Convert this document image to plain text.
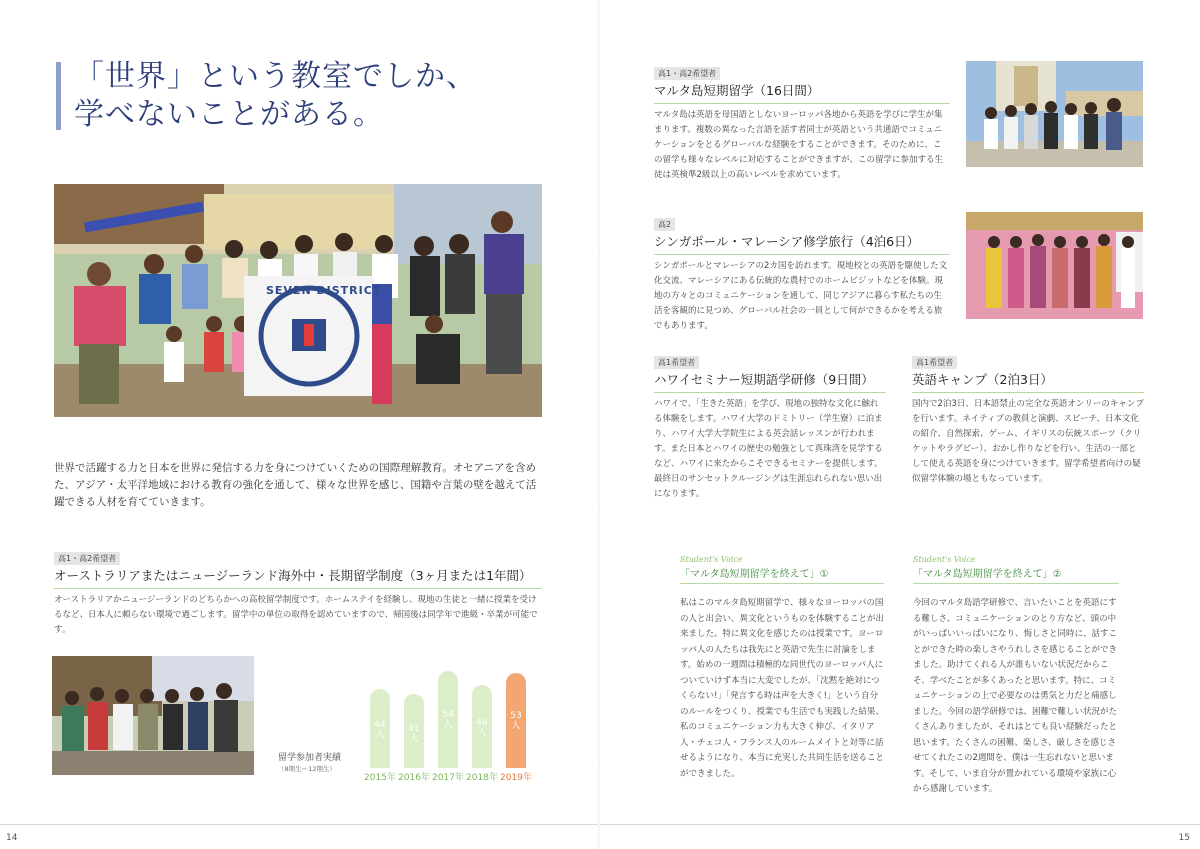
「世界」という教室でしか、
学べないことがある。
SEVEN DISTRICT
世界で活躍する力と日本を世界に発信する力を身につけていくための国際理解教育。オセアニアを含めた、アジア・太平洋地域における教育の強化を通して、様々な世界を感じ、国籍や言葉の壁を越えて活躍できる人材を育てていきます。
高1・高2希望者
オーストラリアまたはニュージーランド海外中・長期留学制度（3ヶ月または1年間）
オーストラリアかニュージーランドのどちらかへの高校留学制度です。ホームステイを経験し、現地の生徒と一緒に授業を受けるなど、日本人に頼らない環境で過ごします。留学中の単位の取得を認めていますので、帰国後は同学年で進級・卒業が可能です。
留学参加者実績
（8期生〜12期生）
44
人
2015年
41
人
2016年
54
人
2017年
46
人
2018年
53
人
2019年
14
高1・高2希望者
マルタ島短期留学（16日間）
マルタ島は英語を母国語としないヨーロッパ各地から英語を学びに学生が集まります。複数の異なった言語を話す者同士が英語という共通語でコミュニケーションをとるグローバルな経験をすることができます。そのために、この留学も様々なレベルに対応することができますが、この留学に参加する生徒は英検準2級以上の高いレベルを求めています。
高2
シンガポール・マレーシア修学旅行（4泊6日）
シンガポールとマレーシアの2カ国を訪れます。現地校との英語を駆使した文化交流、マレーシアにある伝統的な農村でのホームビジットなどを体験。現地の方々とのコミュニケーションを通して、同じアジアに暮らす私たちの生活を客観的に見つめ、グローバル社会の一員として何ができるかを考える旅でもあります。
高1希望者
ハワイセミナー短期語学研修（9日間）
ハワイで、「生きた英語」を学び、現地の独特な文化に触れる体験をします。ハワイ大学のドミトリー（学生寮）に泊まり、ハワイ大学大学院生による英会話レッスンが行われます。また日本とハワイの歴史の勉強として真珠湾を見学するなど、ハワイに来たからこそできるセミナーを提供します。最終日のサンセットクルージングは生涯忘れられない思い出になります。
高1希望者
英語キャンプ（2泊3日）
国内で2泊3日、日本語禁止の完全な英語オンリーのキャンプを行います。ネイティブの教員と演劇、スピーチ、日本文化の紹介、自然探索、ゲーム、イギリスの伝統スポーツ（クリケットやラグビー）、おかし作りなどを行い、生活の一部として使える英語を身につけていきます。留学希望者向けの疑似留学体験の場ともなっています。
Student's Voice
「マルタ島短期留学を終えて」①
私はこのマルタ島短期留学で、様々なヨーロッパの国の人と出会い、異文化というものを体験することが出来ました。特に異文化を感じたのは授業です。ヨーロッパ人の人たちは我先にと英語で先生に討論をします。始めの一週間は積極的な同世代のヨーロッパ人についていけず本当に大変でしたが、「沈黙を絶対につくらない!」「発言する時は声を大きく!」という自分のルールをつくり、授業でも生活でも実践した結果、私のコミュニケーション力も大きく伸び、イタリア人・チェコ人・フランス人のルームメイトと対等に話せるようになり、本当に充実した共同生活を送ることができました。
Student's Voice
「マルタ島短期留学を終えて」②
今回のマルタ島語学研修で、言いたいことを英語にする難しさ、コミュニケーションのとり方など、頭の中がいっぱいいっぱいになり、悔しさと同時に、話すことができた時の楽しさやうれしさを感じることができました。助けてくれる人が誰もいない状況だからこそ、学べたことが多くあったと思います。特に、コミュニケーションの上で必要なのは勇気と力だと痛感しました。今回の語学研修では、困難で難しい状況がたくさんありましたが、それはとても良い経験だったと思います。たくさんの困難、楽しさ、厳しさを感じさせてくれたこの2週間を、僕は一生忘れないと思います。そして、いま自分が置かれている環境や家族に心から感謝しています。
15
